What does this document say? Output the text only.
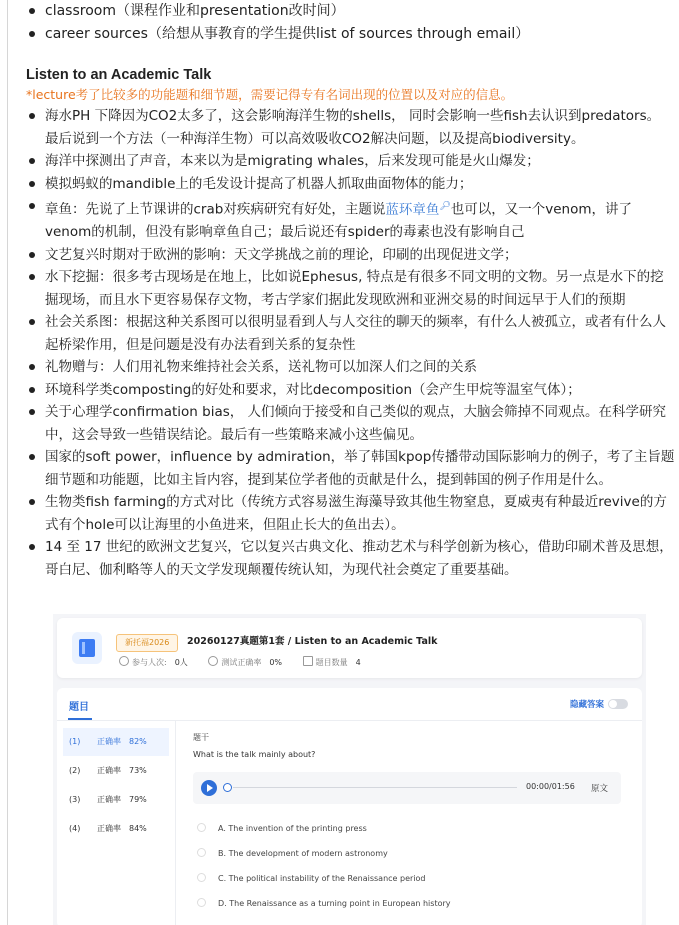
classroom（课程作业和presentation改时间）
career sources（给想从事教育的学生提供list of sources through email）
Listen to an Academic Talk
*lecture考了比较多的功能题和细节题，需要记得专有名词出现的位置以及对应的信息。
海水PH 下降因为CO2太多了，这会影响海洋生物的shells， 同时会影响一些fish去认识到predators。 最后说到一个方法（一种海洋生物）可以高效吸收CO2解决问题，以及提高biodiversity。
海洋中探测出了声音，本来以为是migrating whales，后来发现可能是火山爆发；
模拟蚂蚁的mandible上的毛发设计提高了机器人抓取曲面物体的能力；
章鱼：先说了上节课讲的crab对疾病研究有好处，主题说蓝环章鱼🔎︎也可以，又一个venom，讲了venom的机制，但没有影响章鱼自己；最后说还有spider的毒素也没有影响自己
文艺复兴时期对于欧洲的影响：天文学挑战之前的理论，印刷的出现促进文学；
水下挖掘：很多考古现场是在地上，比如说Ephesus, 特点是有很多不同文明的文物。另一点是水下的挖掘现场，而且水下更容易保存文物，考古学家们据此发现欧洲和亚洲交易的时间远早于人们的预期
社会关系图：根据这种关系图可以很明显看到人与人交往的聊天的频率，有什么人被孤立，或者有什么人起桥梁作用，但是问题是没有办法看到关系的复杂性
礼物赠与：人们用礼物来维持社会关系，送礼物可以加深人们之间的关系
环境科学类composting的好处和要求，对比decomposition（会产生甲烷等温室气体）；
关于心理学confirmation bias， 人们倾向于接受和自己类似的观点，大脑会筛掉不同观点。在科学研究中，这会导致一些错误结论。最后有一些策略来减小这些偏见。
国家的soft power，influence by admiration，举了韩国kpop传播带动国际影响力的例子，考了主旨题细节题和功能题，比如主旨内容，提到某位学者他的贡献是什么，提到韩国的例子作用是什么。
生物类fish farming的方式对比（传统方式容易滋生海藻导致其他生物窒息，夏威夷有种最近revive的方式有个hole可以让海里的小鱼进来，但阻止长大的鱼出去）。
14 至 17 世纪的欧洲文艺复兴，它以复兴古典文化、推动艺术与科学创新为核心，借助印刷术普及思想，哥白尼、伽利略等人的天文学发现颠覆传统认知，为现代社会奠定了重要基础。
新托福2026	20260127真题第1套 / Listen to an Academic Talk
参与人次: 0人	测试正确率 0%	题目数量 4
题目	隐藏答案
(1) 正确率 82%
(2) 正确率 73%
(3) 正确率 79%
(4) 正确率 84%
题干
What is the talk mainly about?
00:00/01:56 原文
A. The invention of the printing press
B. The development of modern astronomy
C. The political instability of the Renaissance period
D. The Renaissance as a turning point in European history
